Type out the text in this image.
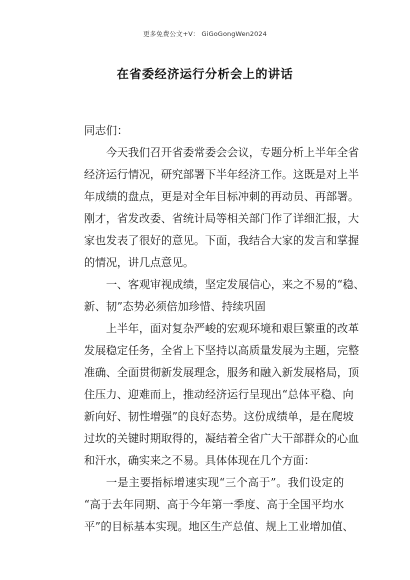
更多免费公文+V： GiGoGongWen2024
在省委经济运行分析会上的讲话
同志们：
今天我们召开省委常委会会议，专题分析上半年全省
经济运行情况，研究部署下半年经济工作。这既是对上半
年成绩的盘点，更是对全年目标冲刺的再动员、再部署。
刚才，省发改委、省统计局等相关部门作了详细汇报，大
家也发表了很好的意见。下面，我结合大家的发言和掌握
的情况，讲几点意见。
一、客观审视成绩，坚定发展信心，来之不易的“稳、
新、韧”态势必须倍加珍惜、持续巩固
上半年，面对复杂严峻的宏观环境和艰巨繁重的改革
发展稳定任务，全省上下坚持以高质量发展为主题，完整
准确、全面贯彻新发展理念，服务和融入新发展格局，顶
住压力、迎难而上，推动经济运行呈现出“总体平稳、向
新向好、韧性增强”的良好态势。这份成绩单，是在爬坡
过坎的关键时期取得的，凝结着全省广大干部群众的心血
和汗水，确实来之不易。具体体现在几个方面：
一是主要指标增速实现“三个高于”。我们设定的
“高于去年同期、高于今年第一季度、高于全国平均水
平”的目标基本实现。地区生产总值、规上工业增加值、
